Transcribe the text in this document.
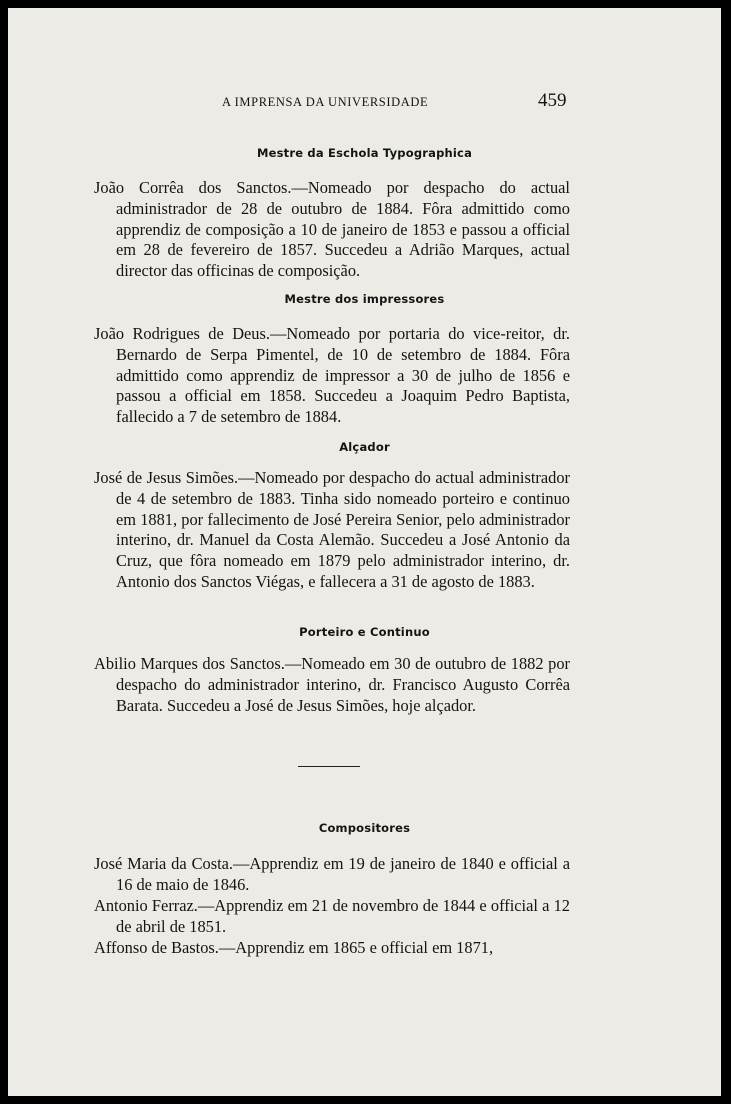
A IMPRENSA DA UNIVERSIDADE	459
Mestre da Eschola Typographica
João Corrêa dos Sanctos.—Nomeado por despacho do actual administrador de 28 de outubro de 1884. Fôra admittido como apprendiz de composição a 10 de janeiro de 1853 e passou a official em 28 de fevereiro de 1857. Succedeu a Adrião Marques, actual director das officinas de composição.
Mestre dos impressores
João Rodrigues de Deus.—Nomeado por portaria do vice-reitor, dr. Bernardo de Serpa Pimentel, de 10 de setembro de 1884. Fôra admittido como apprendiz de impressor a 30 de julho de 1856 e passou a official em 1858. Succedeu a Joaquim Pedro Baptista, fallecido a 7 de setembro de 1884.
Alçador
José de Jesus Simões.—Nomeado por despacho do actual administrador de 4 de setembro de 1883. Tinha sido nomeado porteiro e continuo em 1881, por fallecimento de José Pereira Senior, pelo administrador interino, dr. Manuel da Costa Alemão. Succedeu a José Antonio da Cruz, que fôra nomeado em 1879 pelo administrador interino, dr. Antonio dos Sanctos Viégas, e fallecera a 31 de agosto de 1883.
Porteiro e Continuo
Abilio Marques dos Sanctos.—Nomeado em 30 de outubro de 1882 por despacho do administrador interino, dr. Francisco Augusto Corrêa Barata. Succedeu a José de Jesus Simões, hoje alçador.
Compositores
José Maria da Costa.—Apprendiz em 19 de janeiro de 1840 e official a 16 de maio de 1846.
Antonio Ferraz.—Apprendiz em 21 de novembro de 1844 e official a 12 de abril de 1851.
Affonso de Bastos.—Apprendiz em 1865 e official em 1871,
